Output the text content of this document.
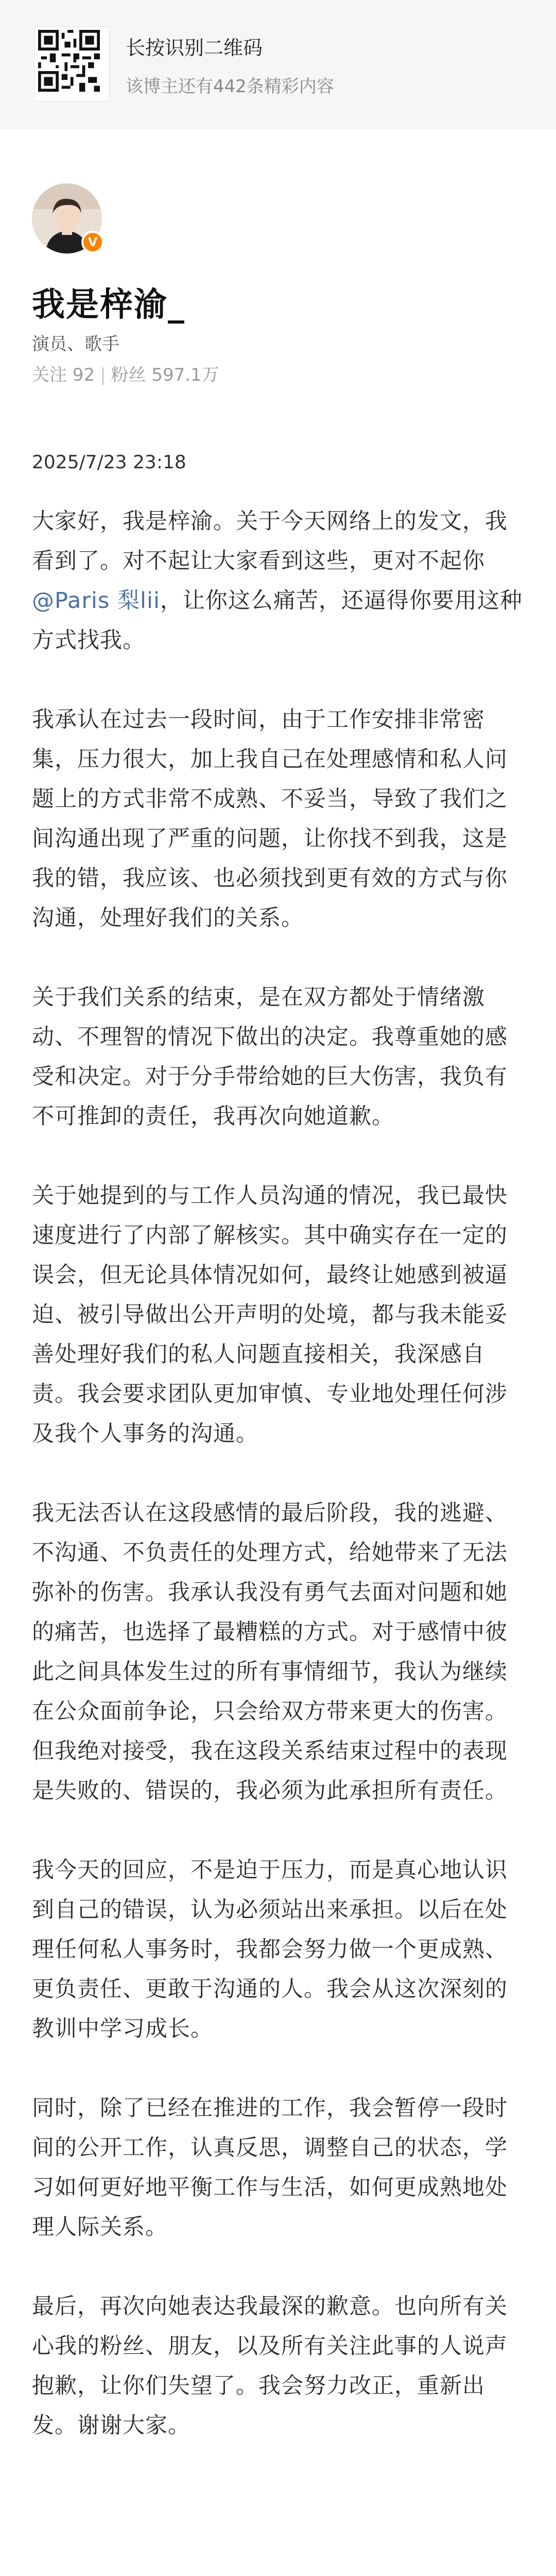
长按识别二维码
该博主还有442条精彩内容
V
我是梓渝_
演员、歌手
关注 92 | 粉丝 597.1万
2025/7/23 23:18

大家好，我是梓渝。关于今天网络上的发文，我看到了。对不起让大家看到这些，更对不起你@Paris 梨lii，让你这么痛苦，还逼得你要用这种方式找我。

我承认在过去一段时间，由于工作安排非常密集，压力很大，加上我自己在处理感情和私人问题上的方式非常不成熟、不妥当，导致了我们之间沟通出现了严重的问题，让你找不到我，这是我的错，我应该、也必须找到更有效的方式与你沟通，处理好我们的关系。

关于我们关系的结束，是在双方都处于情绪激动、不理智的情况下做出的决定。我尊重她的感受和决定。对于分手带给她的巨大伤害，我负有不可推卸的责任，我再次向她道歉。

关于她提到的与工作人员沟通的情况，我已最快速度进行了内部了解核实。其中确实存在一定的误会，但无论具体情况如何，最终让她感到被逼迫、被引导做出公开声明的处境，都与我未能妥善处理好我们的私人问题直接相关，我深感自责。我会要求团队更加审慎、专业地处理任何涉及我个人事务的沟通。

我无法否认在这段感情的最后阶段，我的逃避、不沟通、不负责任的处理方式，给她带来了无法弥补的伤害。我承认我没有勇气去面对问题和她的痛苦，也选择了最糟糕的方式。对于感情中彼此之间具体发生过的所有事情细节，我认为继续在公众面前争论，只会给双方带来更大的伤害。但我绝对接受，我在这段关系结束过程中的表现是失败的、错误的，我必须为此承担所有责任。

我今天的回应，不是迫于压力，而是真心地认识到自己的错误，认为必须站出来承担。以后在处理任何私人事务时，我都会努力做一个更成熟、更负责任、更敢于沟通的人。我会从这次深刻的教训中学习成长。

同时，除了已经在推进的工作，我会暂停一段时间的公开工作，认真反思，调整自己的状态，学习如何更好地平衡工作与生活，如何更成熟地处理人际关系。

最后，再次向她表达我最深的歉意。也向所有关心我的粉丝、朋友，以及所有关注此事的人说声抱歉，让你们失望了。我会努力改正，重新出发。谢谢大家。
